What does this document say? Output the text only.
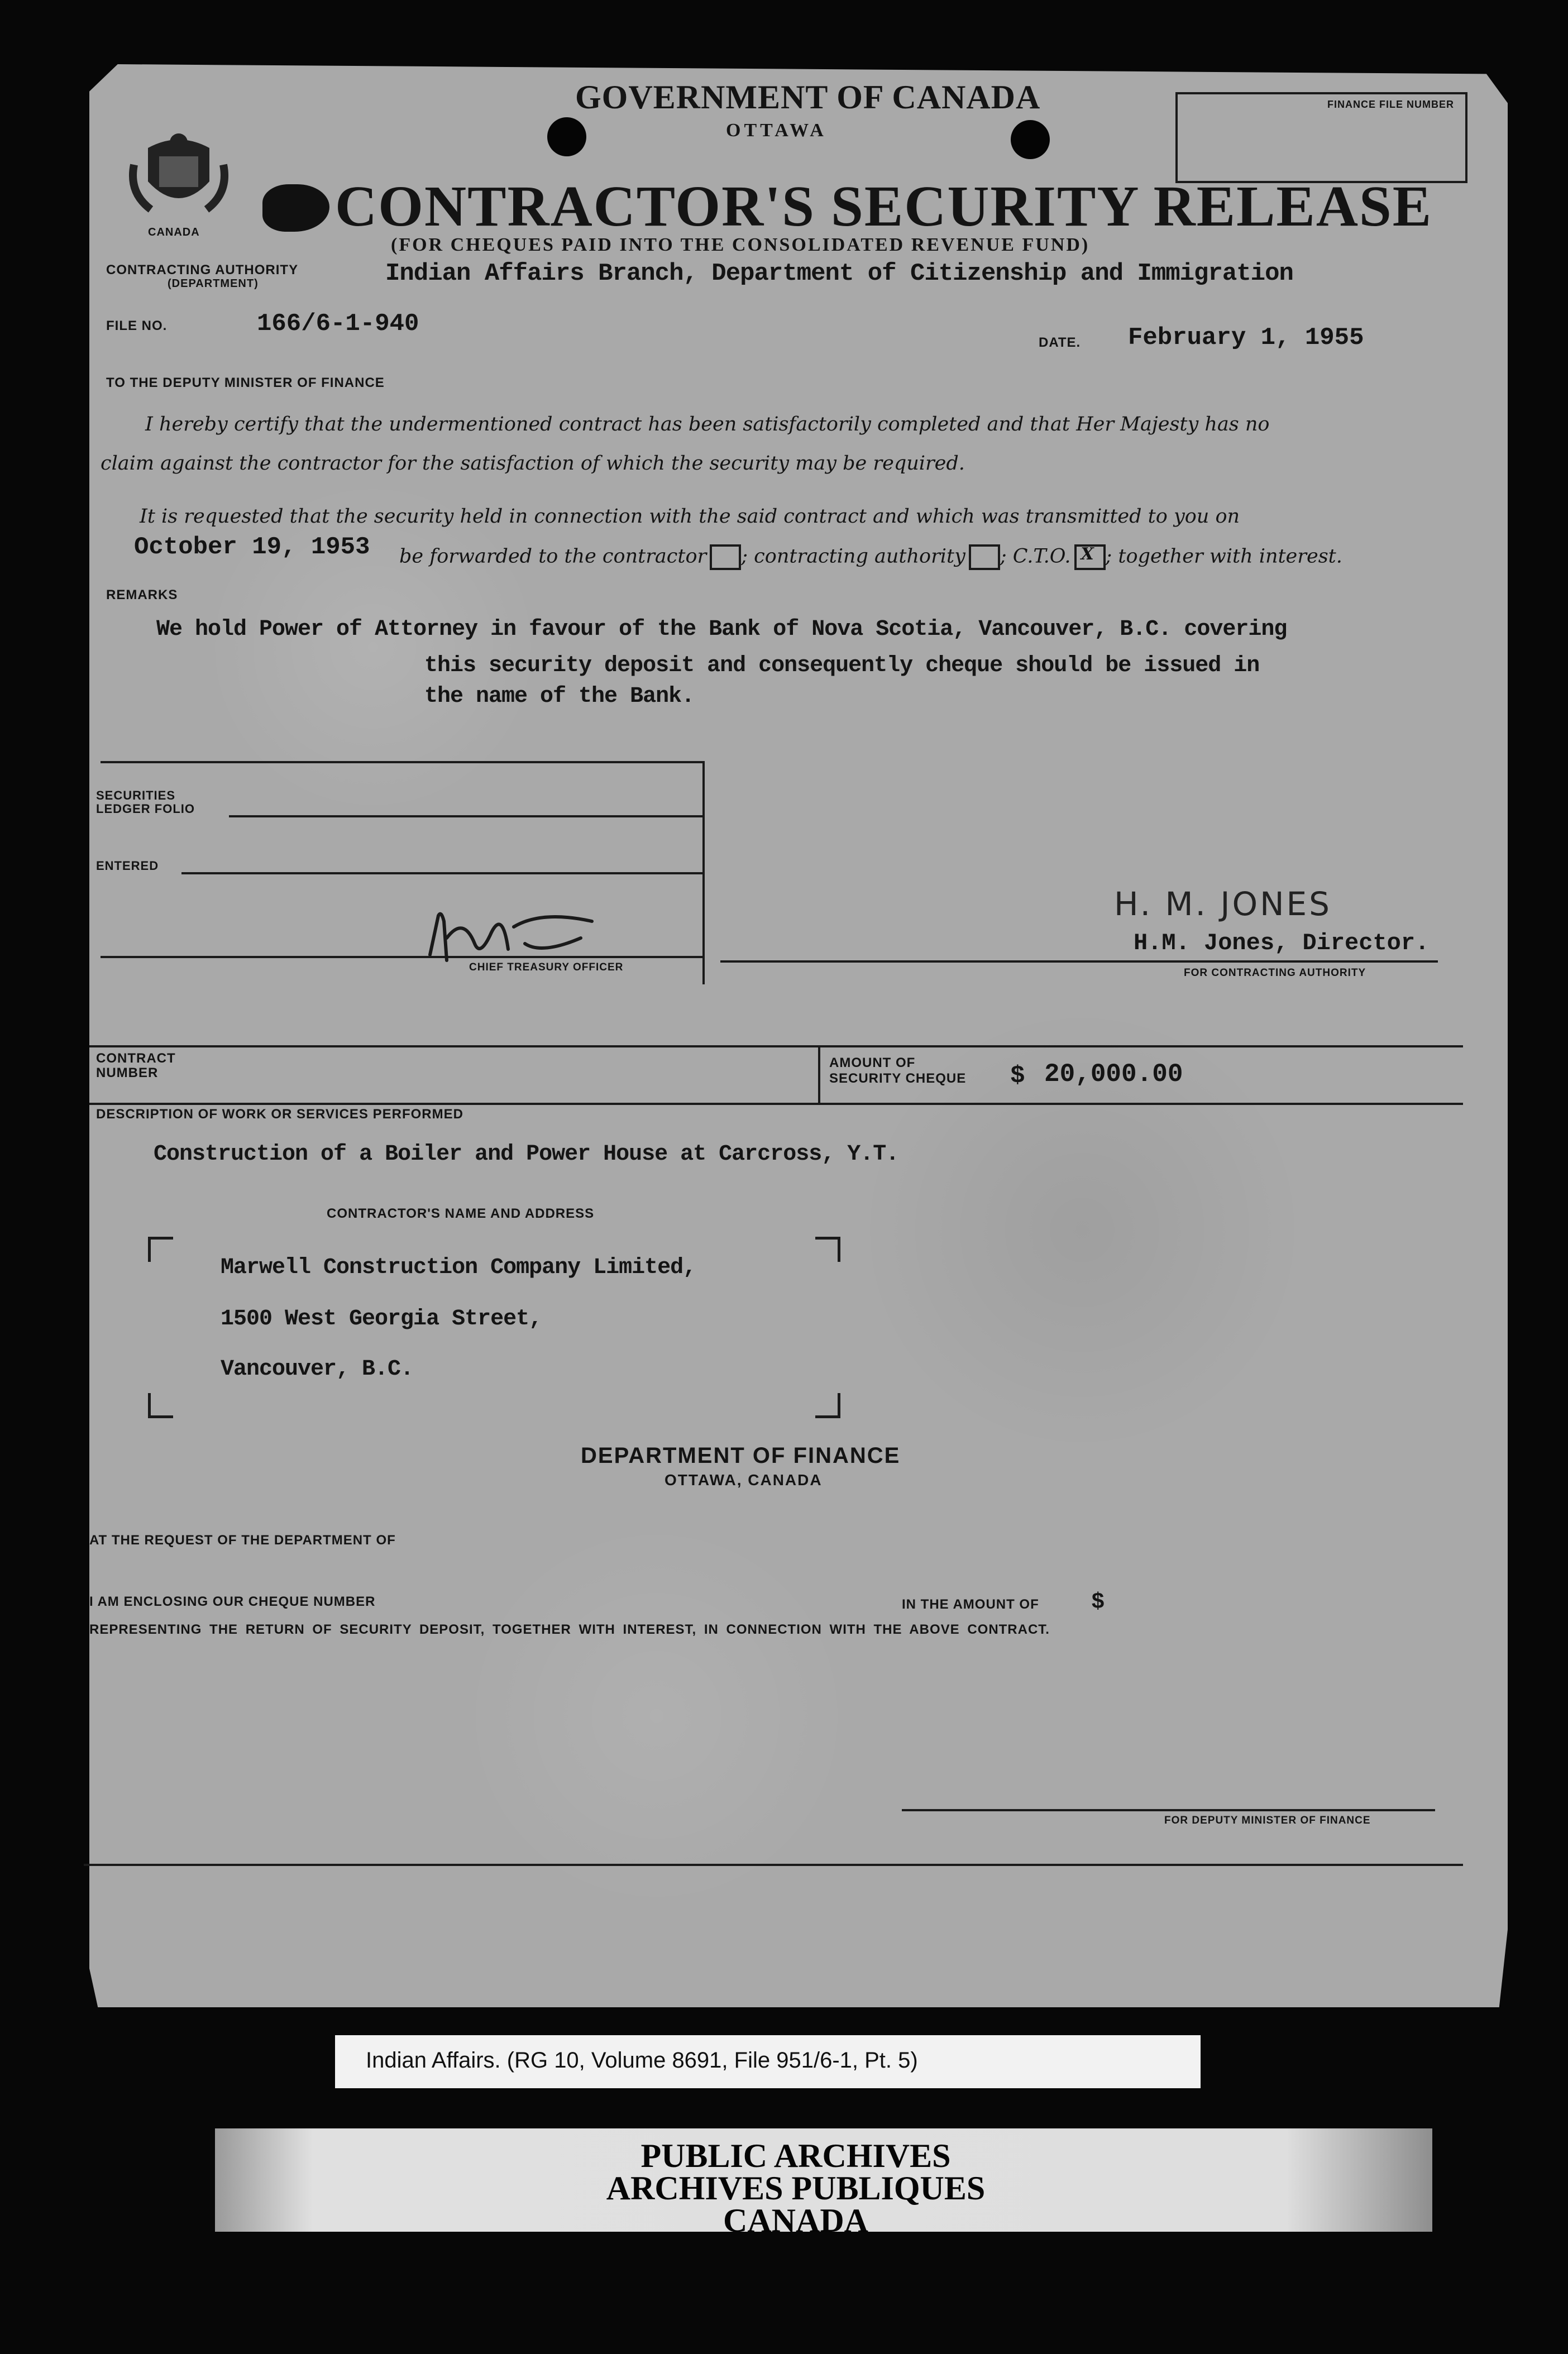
GOVERNMENT OF CANADA
OTTAWA
CANADA CONTRACTOR'S SECURITY RELEASE
(FOR CHEQUES PAID INTO THE CONSOLIDATED REVENUE FUND)
FINANCE FILE NUMBER
CONTRACTING AUTHORITY
(DEPARTMENT)	Indian Affairs Branch, Department of Citizenship and Immigration
FILE NO.	166/6-1-940
DATE. February 1, 1955
TO THE DEPUTY MINISTER OF FINANCE
I hereby certify that the undermentioned contract has been satisfactorily completed and that Her Majesty has no
claim against the contractor for the satisfaction of which the security may be required.
It is requested that the security held in connection with the said contract and which was transmitted to you on
October 19, 1953 be forwarded to the contractor ; contracting authority ; C.T.O. X ; together with interest.
REMARKS
We hold Power of Attorney in favour of the Bank of Nova Scotia, Vancouver, B.C. covering
this security deposit and consequently cheque should be issued in
the name of the Bank.
SECURITIES
LEDGER FOLIO
ENTERED
CHIEF TREASURY OFFICER
H. M. JONES
H.M. Jones, Director.
FOR CONTRACTING AUTHORITY
CONTRACT
NUMBER
AMOUNT OF
SECURITY CHEQUE $ 20,000.00
DESCRIPTION OF WORK OR SERVICES PERFORMED
Construction of a Boiler and Power House at Carcross, Y.T.
CONTRACTOR'S NAME AND ADDRESS
Marwell Construction Company Limited,
1500 West Georgia Street,
Vancouver, B.C.
DEPARTMENT OF FINANCE
OTTAWA, CANADA
AT THE REQUEST OF THE DEPARTMENT OF
I AM ENCLOSING OUR CHEQUE NUMBER	IN THE AMOUNT OF $
REPRESENTING THE RETURN OF SECURITY DEPOSIT, TOGETHER WITH INTEREST, IN CONNECTION WITH THE ABOVE CONTRACT.
FOR DEPUTY MINISTER OF FINANCE
Indian Affairs. (RG 10, Volume 8691, File 951/6-1, Pt. 5)
PUBLIC ARCHIVES
ARCHIVES PUBLIQUES
CANADA
